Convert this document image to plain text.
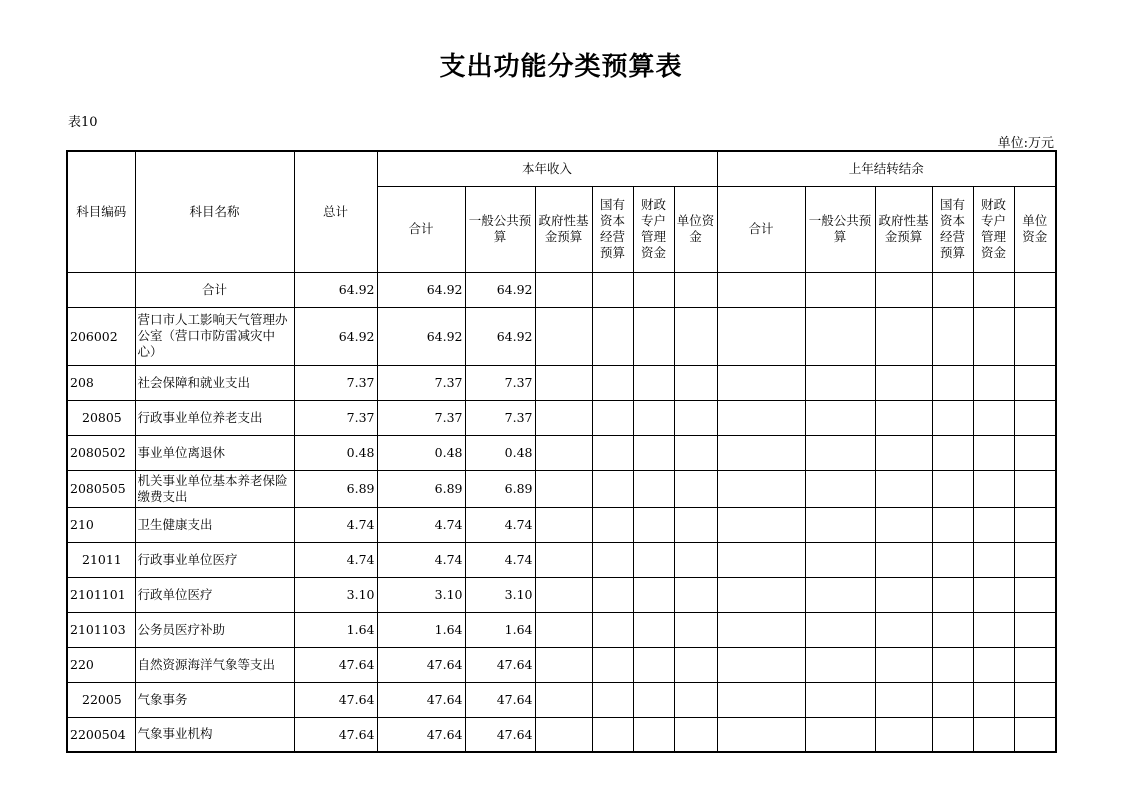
支出功能分类预算表
表10
单位:万元
科目编码	科目名称	总计	本年收入						上年结转结余					
			合计	一般公共预算	政府性基金预算	国有资本经营预算	财政专户管理资金	单位资金	合计	一般公共预算	政府性基金预算	国有资本经营预算	财政专户管理资金	单位资金
	合计	64.92	64.92	64.92										
206002	营口市人工影响天气管理办公室（营口市防雷减灾中心）	64.92	64.92	64.92										
208	社会保障和就业支出	7.37	7.37	7.37										
20805	行政事业单位养老支出	7.37	7.37	7.37										
2080502	事业单位离退休	0.48	0.48	0.48										
2080505	机关事业单位基本养老保险缴费支出	6.89	6.89	6.89										
210	卫生健康支出	4.74	4.74	4.74										
21011	行政事业单位医疗	4.74	4.74	4.74										
2101101	行政单位医疗	3.10	3.10	3.10										
2101103	公务员医疗补助	1.64	1.64	1.64										
220	自然资源海洋气象等支出	47.64	47.64	47.64										
22005	气象事务	47.64	47.64	47.64										
2200504	气象事业机构	47.64	47.64	47.64										
